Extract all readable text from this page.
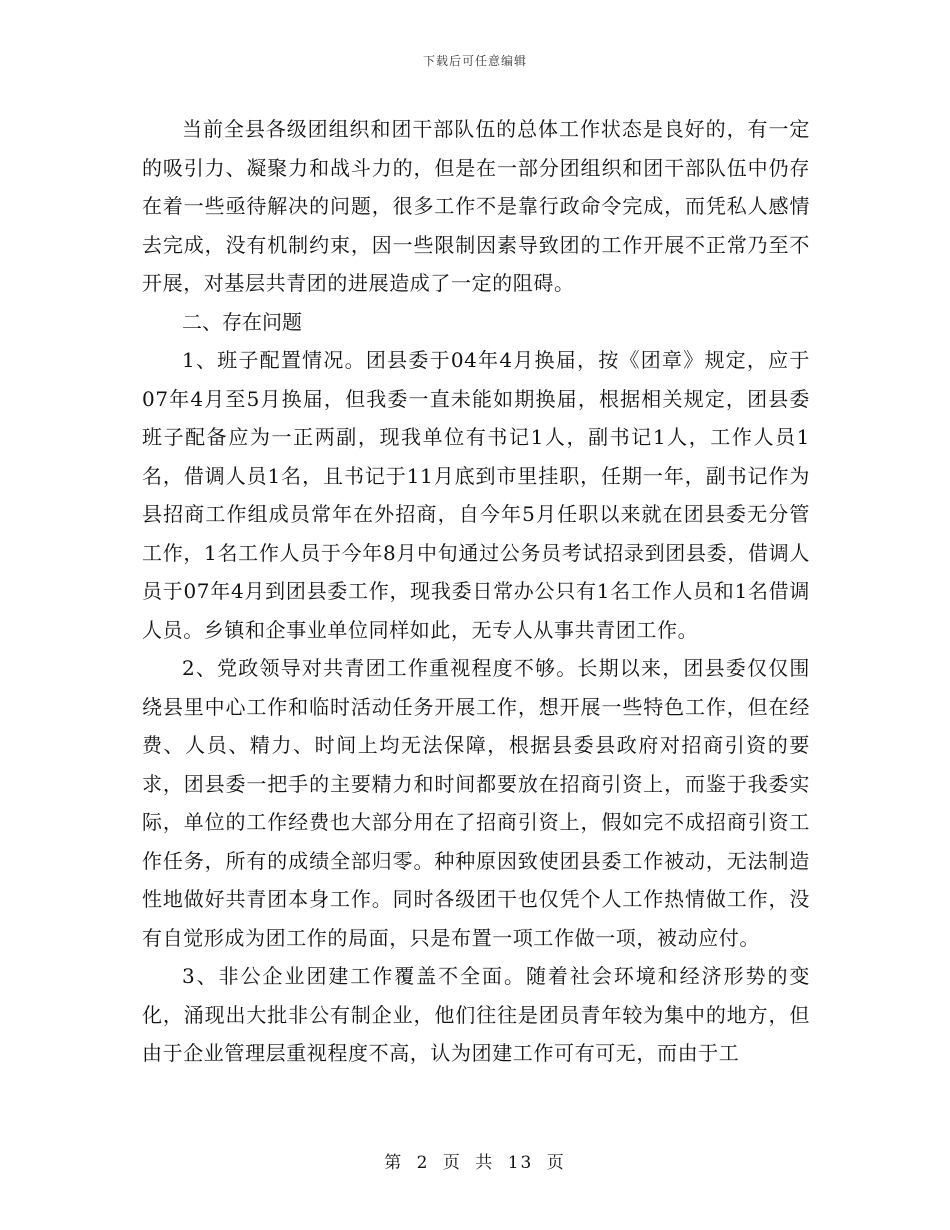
下载后可任意编辑

当前全县各级团组织和团干部队伍的总体工作状态是良好的，有一定的吸引力、凝聚力和战斗力的，但是在一部分团组织和团干部队伍中仍存在着一些亟待解决的问题，很多工作不是靠行政命令完成，而凭私人感情去完成，没有机制约束，因一些限制因素导致团的工作开展不正常乃至不开展，对基层共青团的进展造成了一定的阻碍。

二、存在问题

1、班子配置情况。团县委于04年4月换届，按《团章》规定，应于07年4月至5月换届，但我委一直未能如期换届，根据相关规定，团县委班子配备应为一正两副，现我单位有书记1人，副书记1人，工作人员1名，借调人员1名，且书记于11月底到市里挂职，任期一年，副书记作为县招商工作组成员常年在外招商，自今年5月任职以来就在团县委无分管工作，1名工作人员于今年8月中旬通过公务员考试招录到团县委，借调人员于07年4月到团县委工作，现我委日常办公只有1名工作人员和1名借调人员。乡镇和企事业单位同样如此，无专人从事共青团工作。

2、党政领导对共青团工作重视程度不够。长期以来，团县委仅仅围绕县里中心工作和临时活动任务开展工作，想开展一些特色工作，但在经费、人员、精力、时间上均无法保障，根据县委县政府对招商引资的要求，团县委一把手的主要精力和时间都要放在招商引资上，而鉴于我委实际，单位的工作经费也大部分用在了招商引资上，假如完不成招商引资工作任务，所有的成绩全部归零。种种原因致使团县委工作被动，无法制造性地做好共青团本身工作。同时各级团干也仅凭个人工作热情做工作，没有自觉形成为团工作的局面，只是布置一项工作做一项，被动应付。

3、非公企业团建工作覆盖不全面。随着社会环境和经济形势的变化，涌现出大批非公有制企业，他们往往是团员青年较为集中的地方，但由于企业管理层重视程度不高，认为团建工作可有可无，而由于工

第 2 页 共 13 页
